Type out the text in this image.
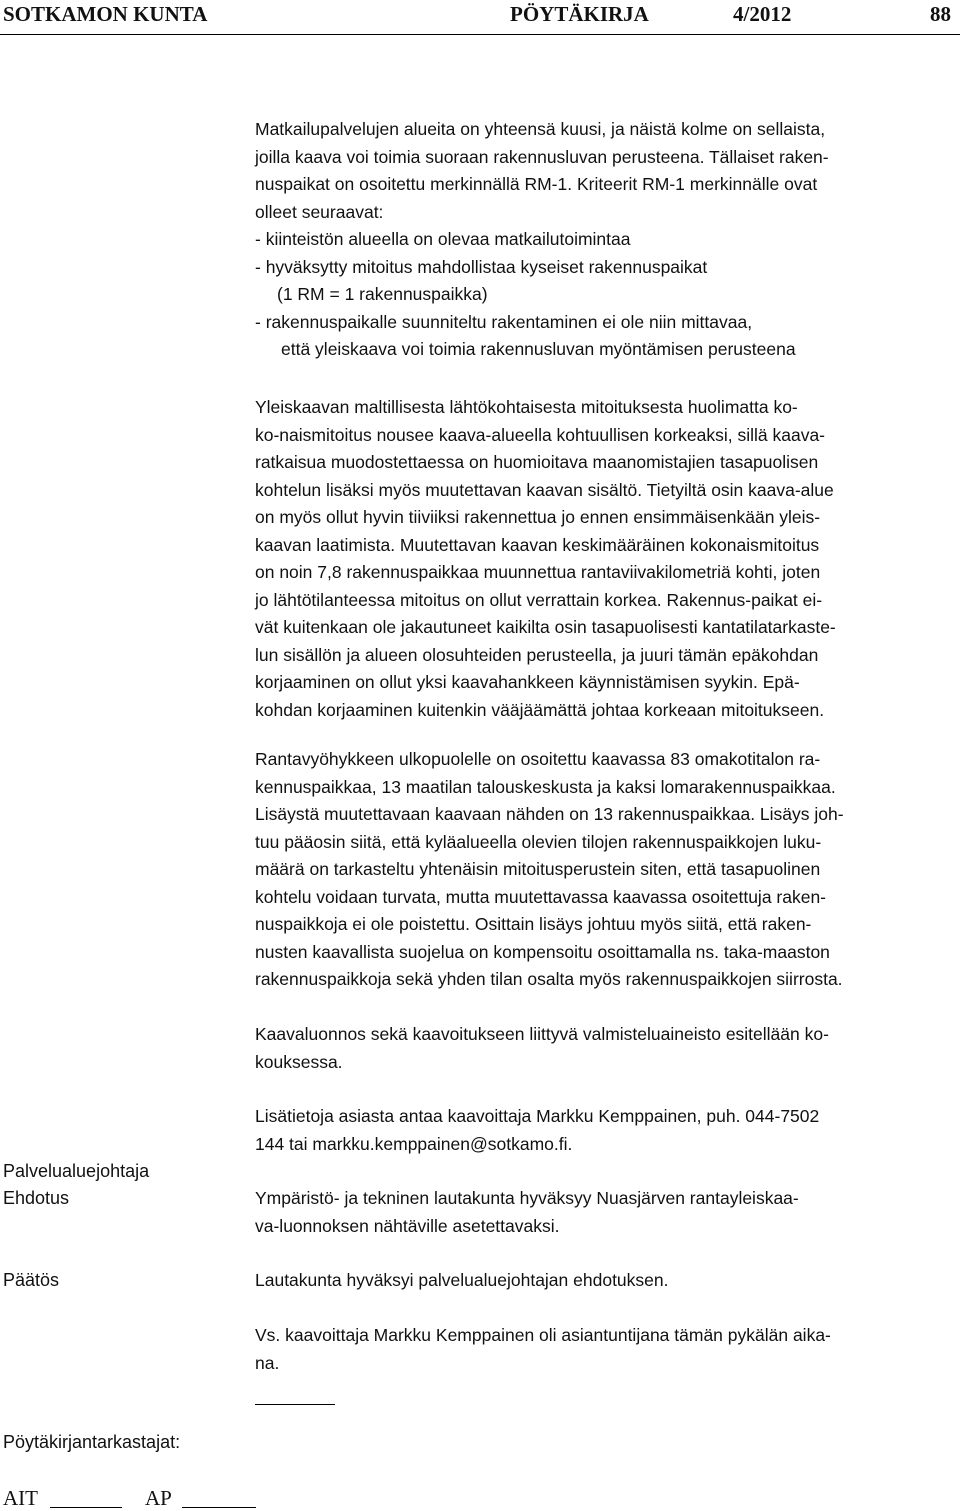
SOTKAMON KUNTA	PÖYTÄKIRJA	4/2012	88
Matkailupalvelujen alueita on yhteensä kuusi, ja näistä kolme on sellaista,
joilla kaava voi toimia suoraan rakennusluvan perusteena. Tällaiset raken-
nuspaikat on osoitettu merkinnällä RM-1. Kriteerit RM-1 merkinnälle ovat
olleet seuraavat:
- kiinteistön alueella on olevaa matkailutoimintaa
- hyväksytty mitoitus mahdollistaa kyseiset rakennuspaikat
(1 RM = 1 rakennuspaikka)
- rakennuspaikalle suunniteltu rakentaminen ei ole niin mittavaa,
että yleiskaava voi toimia rakennusluvan myöntämisen perusteena
Yleiskaavan maltillisesta lähtökohtaisesta mitoituksesta huolimatta ko-
ko-naismitoitus nousee kaava-alueella kohtuullisen korkeaksi, sillä kaava-
ratkaisua muodostettaessa on huomioitava maanomistajien tasapuolisen
kohtelun lisäksi myös muutettavan kaavan sisältö. Tietyiltä osin kaava-alue
on myös ollut hyvin tiiviiksi rakennettua jo ennen ensimmäisenkään yleis-
kaavan laatimista. Muutettavan kaavan keskimääräinen kokonaismitoitus
on noin 7,8 rakennuspaikkaa muunnettua rantaviivakilometriä kohti, joten
jo lähtötilanteessa mitoitus on ollut verrattain korkea. Rakennus-paikat ei-
vät kuitenkaan ole jakautuneet kaikilta osin tasapuolisesti kantatilatarkaste-
lun sisällön ja alueen olosuhteiden perusteella, ja juuri tämän epäkohdan
korjaaminen on ollut yksi kaavahankkeen käynnistämisen syykin. Epä-
kohdan korjaaminen kuitenkin vääjäämättä johtaa korkeaan mitoitukseen.
Rantavyöhykkeen ulkopuolelle on osoitettu kaavassa 83 omakotitalon ra-
kennuspaikkaa, 13 maatilan talouskeskusta ja kaksi lomarakennuspaikkaa.
Lisäystä muutettavaan kaavaan nähden on 13 rakennuspaikkaa. Lisäys joh-
tuu pääosin siitä, että kyläalueella olevien tilojen rakennuspaikkojen luku-
määrä on tarkasteltu yhtenäisin mitoitusperustein siten, että tasapuolinen
kohtelu voidaan turvata, mutta muutettavassa kaavassa osoitettuja raken-
nuspaikkoja ei ole poistettu. Osittain lisäys johtuu myös siitä, että raken-
nusten kaavallista suojelua on kompensoitu osoittamalla ns. taka-maaston
rakennuspaikkoja sekä yhden tilan osalta myös rakennuspaikkojen siirrosta.
Kaavaluonnos sekä kaavoitukseen liittyvä valmisteluaineisto esitellään ko-
kouksessa.
Lisätietoja asiasta antaa kaavoittaja Markku Kemppainen, puh. 044-7502
144 tai markku.kemppainen@sotkamo.fi.
Palvelualuejohtaja
Ehdotus	Ympäristö- ja tekninen lautakunta hyväksyy Nuasjärven rantayleiskaa-
va-luonnoksen nähtäville asetettavaksi.
Päätös	Lautakunta hyväksyi palvelualuejohtajan ehdotuksen.
Vs. kaavoittaja Markku Kemppainen oli asiantuntijana tämän pykälän aika-
na.
Pöytäkirjantarkastajat:
AIT	AP
